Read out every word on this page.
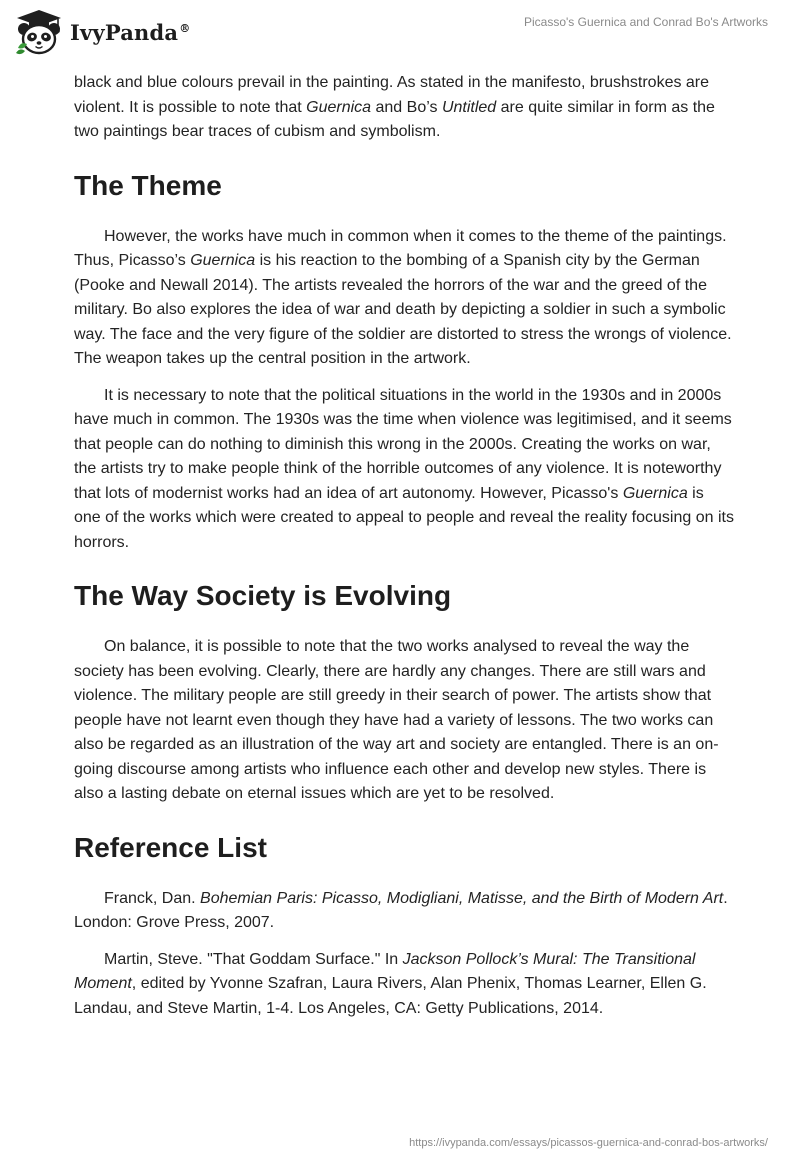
IvyPanda®	Picasso's Guernica and Conrad Bo's Artworks

black and blue colours prevail in the painting. As stated in the manifesto, brushstrokes are violent. It is possible to note that Guernica and Bo’s Untitled are quite similar in form as the two paintings bear traces of cubism and symbolism.

The Theme

However, the works have much in common when it comes to the theme of the paintings. Thus, Picasso’s Guernica is his reaction to the bombing of a Spanish city by the German (Pooke and Newall 2014). The artists revealed the horrors of the war and the greed of the military. Bo also explores the idea of war and death by depicting a soldier in such a symbolic way. The face and the very figure of the soldier are distorted to stress the wrongs of violence. The weapon takes up the central position in the artwork.

It is necessary to note that the political situations in the world in the 1930s and in 2000s have much in common. The 1930s was the time when violence was legitimised, and it seems that people can do nothing to diminish this wrong in the 2000s. Creating the works on war, the artists try to make people think of the horrible outcomes of any violence. It is noteworthy that lots of modernist works had an idea of art autonomy. However, Picasso's Guernica is one of the works which were created to appeal to people and reveal the reality focusing on its horrors.

The Way Society is Evolving

On balance, it is possible to note that the two works analysed to reveal the way the society has been evolving. Clearly, there are hardly any changes. There are still wars and violence. The military people are still greedy in their search of power. The artists show that people have not learnt even though they have had a variety of lessons. The two works can also be regarded as an illustration of the way art and society are entangled. There is an on-going discourse among artists who influence each other and develop new styles. There is also a lasting debate on eternal issues which are yet to be resolved.

Reference List

Franck, Dan. Bohemian Paris: Picasso, Modigliani, Matisse, and the Birth of Modern Art. London: Grove Press, 2007.

Martin, Steve. "That Goddam Surface." In Jackson Pollock’s Mural: The Transitional Moment, edited by Yvonne Szafran, Laura Rivers, Alan Phenix, Thomas Learner, Ellen G. Landau, and Steve Martin, 1-4. Los Angeles, CA: Getty Publications, 2014.

https://ivypanda.com/essays/picassos-guernica-and-conrad-bos-artworks/
